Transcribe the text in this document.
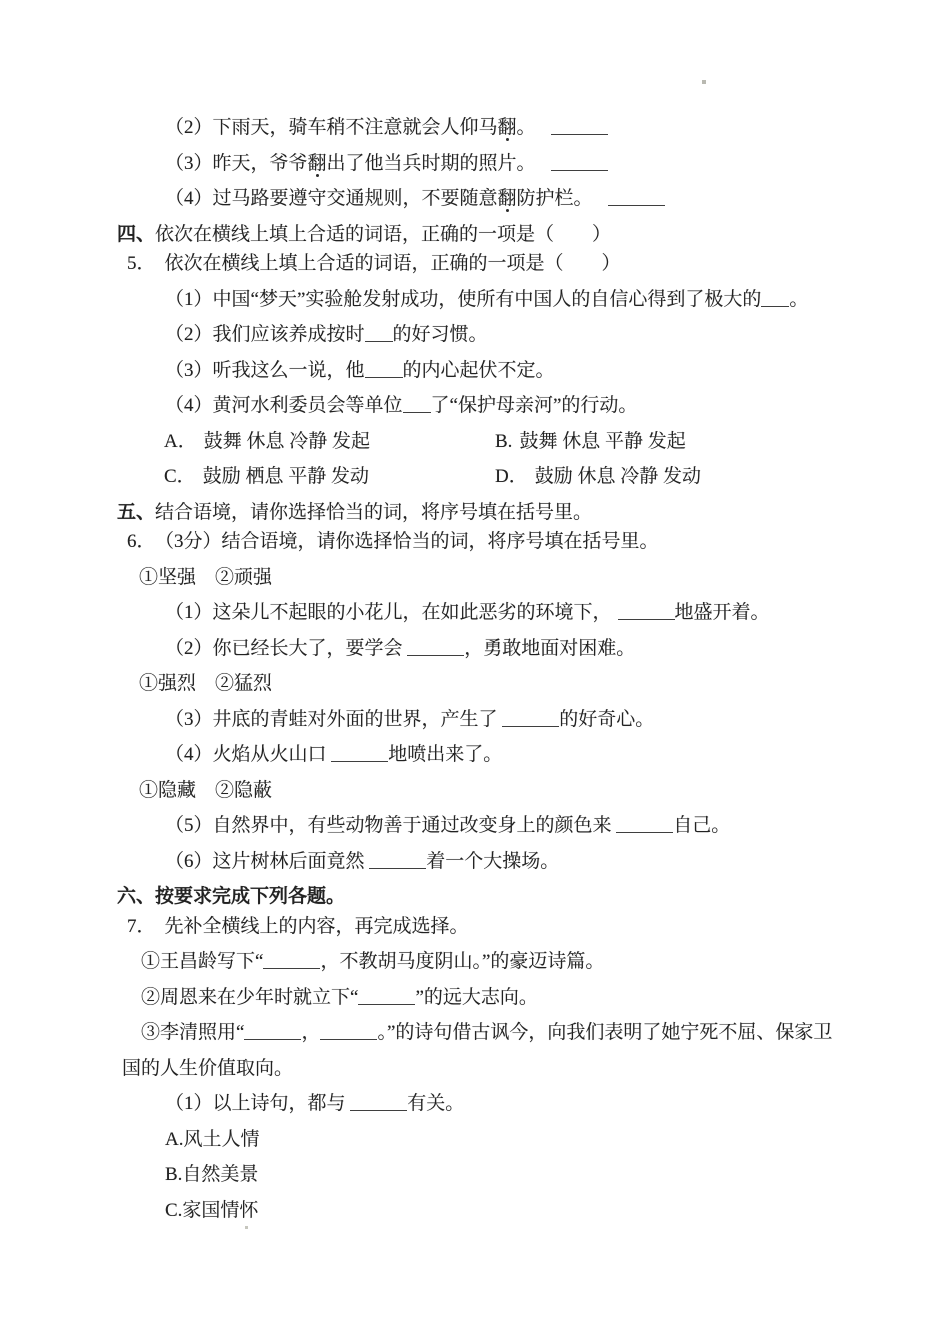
（2）下雨天，骑车稍不注意就会人仰马翻。
（3）昨天，爷爷翻出了他当兵时期的照片。
（4）过马路要遵守交通规则，不要随意翻防护栏。
四、依次在横线上填上合适的词语，正确的一项是（　　）
5． 依次在横线上填上合适的词语，正确的一项是（　　）
（1）中国“梦天”实验舱发射成功，使所有中国人的自信心得到了极大的 。
（2）我们应该养成按时 的好习惯。
（3）听我这么一说，他 的内心起伏不定。
（4）黄河水利委员会等单位 了“保护母亲河”的行动。
A． 鼓舞 休息 冷静 发起	B. 鼓舞 休息 平静 发起
C． 鼓励 栖息 平静 发动	D． 鼓励 休息 冷静 发动
五、结合语境，请你选择恰当的词，将序号填在括号里。
6． （3分）结合语境，请你选择恰当的词，将序号填在括号里。
①坚强　②顽强
（1）这朵儿不起眼的小花儿，在如此恶劣的环境下，	地盛开着。
（2）你已经长大了，要学会	，勇敢地面对困难。
①强烈　②猛烈
（3）井底的青蛙对外面的世界，产生了	的好奇心。
（4）火焰从火山口	地喷出来了。
①隐藏　②隐蔽
（5）自然界中，有些动物善于通过改变身上的颜色来	自己。
（6）这片树林后面竟然	着一个大操场。
六、按要求完成下列各题。
7． 先补全横线上的内容，再完成选择。
①王昌龄写下“	，不教胡马度阴山。”的豪迈诗篇。
②周恩来在少年时就立下“	”的远大志向。
③李清照用“	，	。”的诗句借古讽今，向我们表明了她宁死不屈、保家卫
国的人生价值取向。
（1）以上诗句，都与	有关。
A.风土人情
B.自然美景
C.家国情怀
